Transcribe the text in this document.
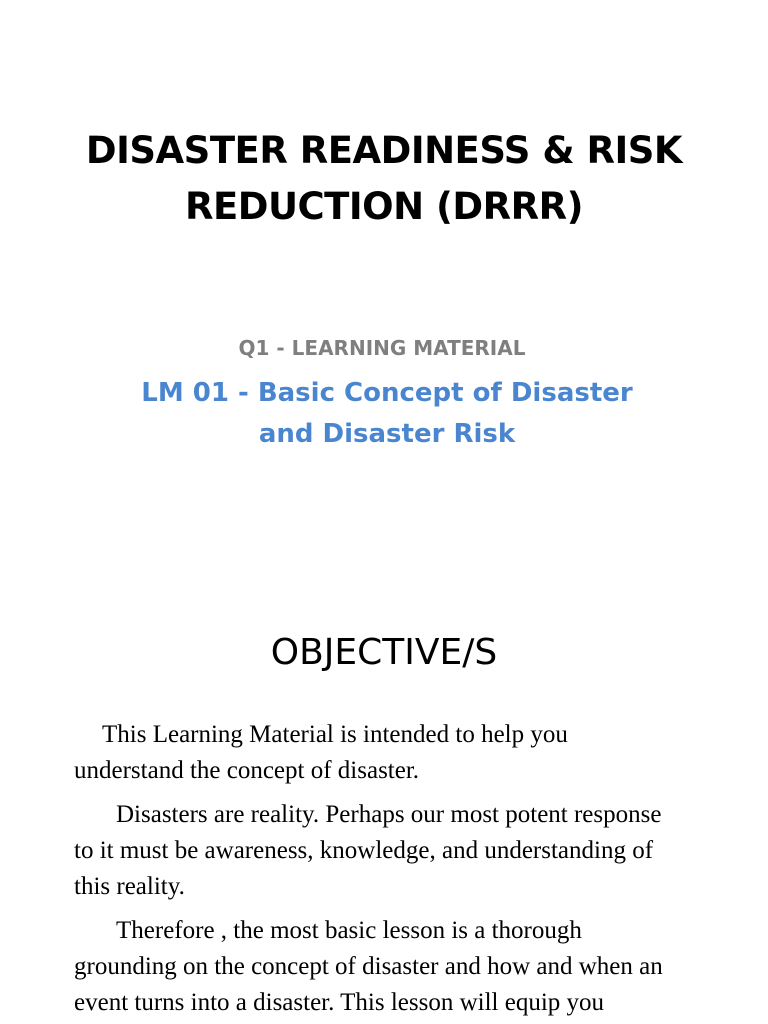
DISASTER READINESS & RISK
REDUCTION (DRRR)
Q1 - LEARNING MATERIAL
LM 01 - Basic Concept of Disaster
and Disaster Risk
OBJECTIVE/S

This Learning Material is intended to help you
understand the concept of disaster.

Disasters are reality. Perhaps our most potent response
to it must be awareness, knowledge, and understanding of
this reality.

Therefore , the most basic lesson is a thorough
grounding on the concept of disaster and how and when an
event turns into a disaster. This lesson will equip you
